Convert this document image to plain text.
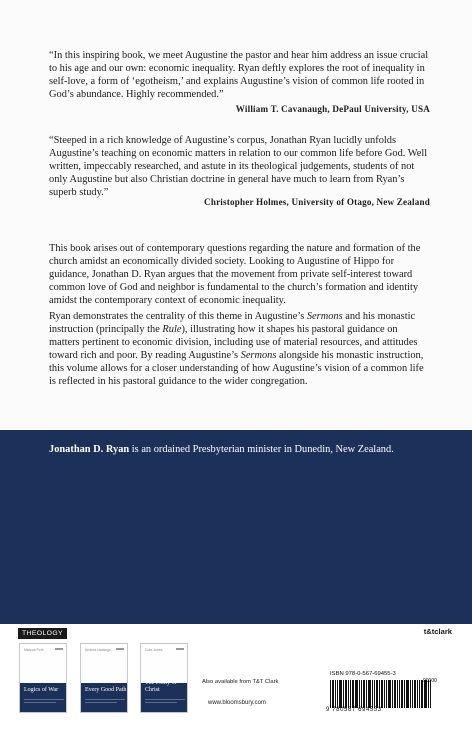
“In this inspiring book, we meet Augustine the pastor and hear him address an issue crucial to his age and our own: economic inequality. Ryan deftly explores the root of inequality in self-love, a form of ‘egotheism,’ and explains Augustine’s vision of common life rooted in God’s abundance. Highly recommended.”

William T. Cavanaugh, DePaul University, USA

“Steeped in a rich knowledge of Augustine’s corpus, Jonathan Ryan lucidly unfolds Augustine’s teaching on economic matters in relation to our common life before God. Well written, impeccably researched, and astute in its theological judgements, students of not only Augustine but also Christian doctrine in general have much to learn from Ryan’s superb study.”

Christopher Holmes, University of Otago, New Zealand

This book arises out of contemporary questions regarding the nature and formation of the church amidst an economically divided society. Looking to Augustine of Hippo for guidance, Jonathan D. Ryan argues that the movement from private self-interest toward common love of God and neighbor is fundamental to the church’s formation and identity amidst the contemporary context of economic inequality.

Ryan demonstrates the centrality of this theme in Augustine’s Sermons and his monastic instruction (principally the Rule), illustrating how it shapes his pastoral guidance on matters pertinent to economic division, including use of material resources, and attitudes toward rich and poor. By reading Augustine’s Sermons alongside his monastic instruction, this volume allows for a closer understanding of how Augustine’s vision of a common life is reflected in his pastoral guidance to the wider congregation.

Jonathan D. Ryan is an ordained Presbyterian minister in Dunedin, New Zealand.

THEOLOGY	t&tclark
Marcus Pohl
Logics of War
Andrea Hastings
Every Good Path
Cole Jones
The Polity of Christ
Also available from T&T Clark
www.bloomsbury.com
ISBN 978-0-567-69455-3
90000
9 780567 694553
